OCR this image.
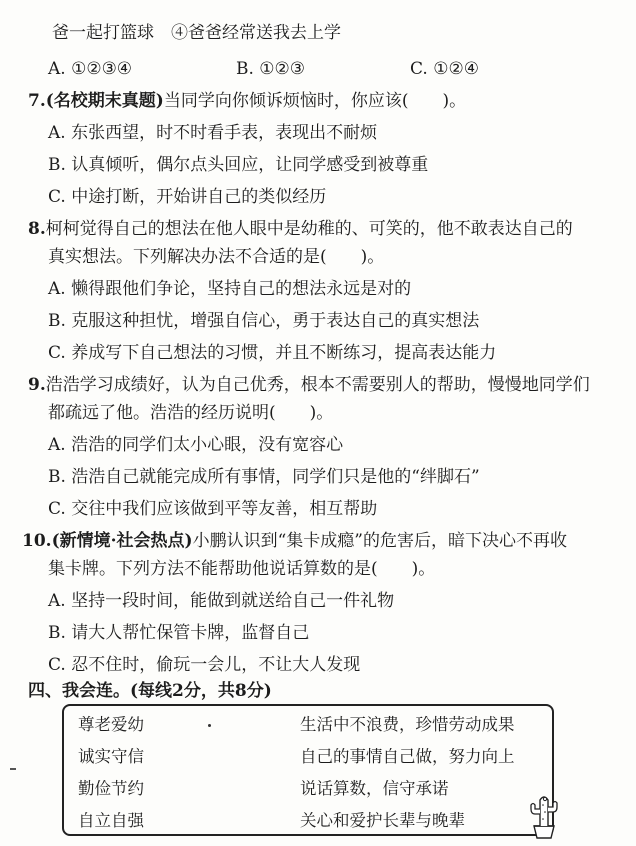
爸一起打篮球　④爸爸经常送我去上学
A. ①②③④	B. ①②③	C. ①②④
7.(名校期末真题)当同学向你倾诉烦恼时，你应该(　　)。
A. 东张西望，时不时看手表，表现出不耐烦
B. 认真倾听，偶尔点头回应，让同学感受到被尊重
C. 中途打断，开始讲自己的类似经历
8.柯柯觉得自己的想法在他人眼中是幼稚的、可笑的，他不敢表达自己的
真实想法。下列解决办法不合适的是(　　)。
A. 懒得跟他们争论，坚持自己的想法永远是对的
B. 克服这种担忧，增强自信心，勇于表达自己的真实想法
C. 养成写下自己想法的习惯，并且不断练习，提高表达能力
9.浩浩学习成绩好，认为自己优秀，根本不需要别人的帮助，慢慢地同学们
都疏远了他。浩浩的经历说明(　　)。
A. 浩浩的同学们太小心眼，没有宽容心
B. 浩浩自己就能完成所有事情，同学们只是他的“绊脚石”
C. 交往中我们应该做到平等友善，相互帮助
10.(新情境·社会热点)小鹏认识到“集卡成瘾”的危害后，暗下决心不再收
集卡牌。下列方法不能帮助他说话算数的是(　　)。
A. 坚持一段时间，能做到就送给自己一件礼物
B. 请大人帮忙保管卡牌，监督自己
C. 忍不住时，偷玩一会儿，不让大人发现
四、我会连。(每线2分，共8分)
尊老爱幼
诚实守信
勤俭节约
自立自强
生活中不浪费，珍惜劳动成果
自己的事情自己做，努力向上
说话算数，信守承诺
关心和爱护长辈与晚辈
